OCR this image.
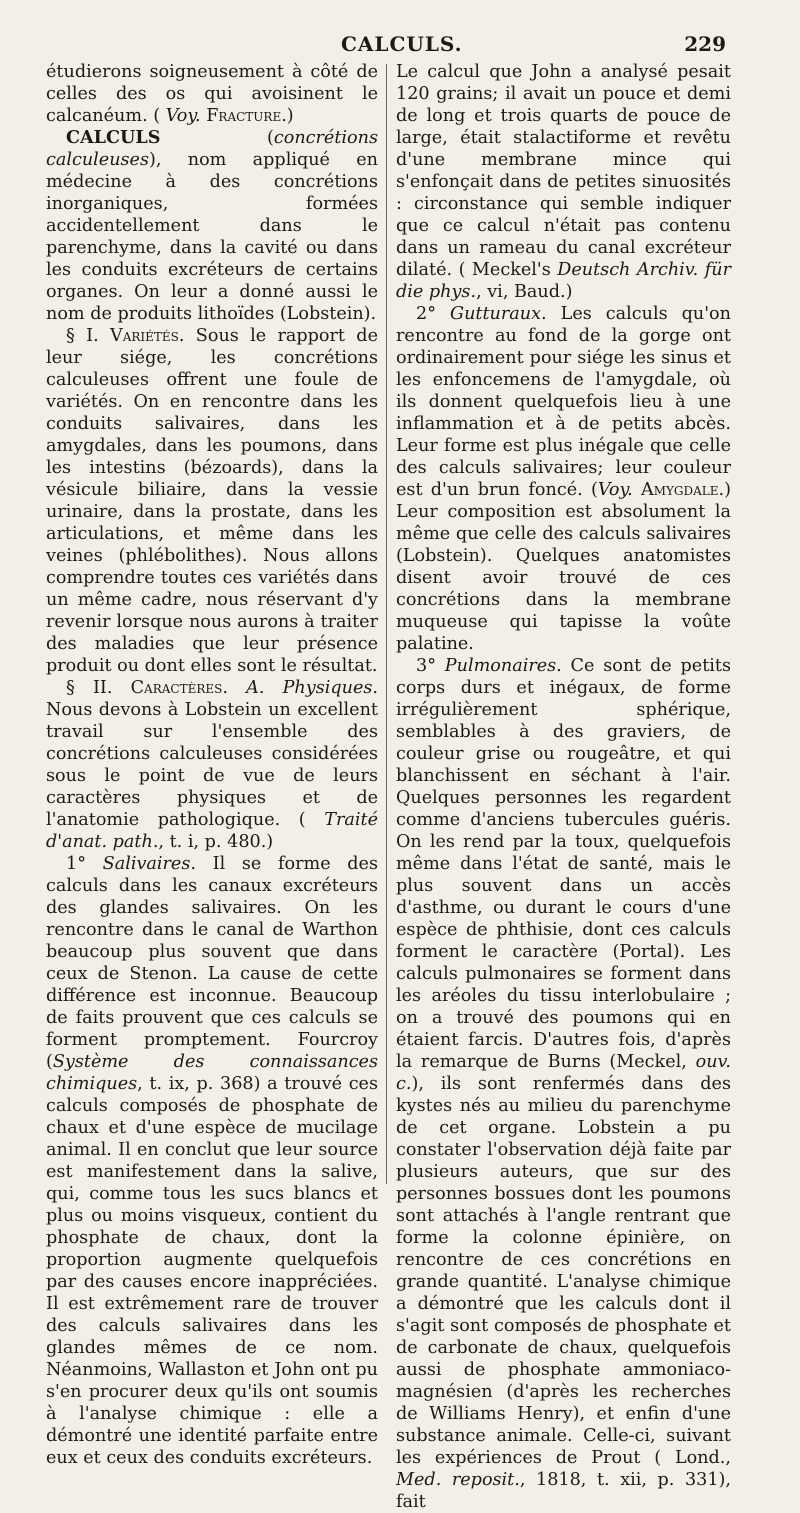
CALCULS.	229

étudierons soigneusement à côté de celles des os qui avoisinent le calcanéum. ( Voy. Fracture.)

CALCULS (concrétions calculeuses), nom appliqué en médecine à des concrétions inorganiques, formées accidentellement dans le parenchyme, dans la cavité ou dans les conduits excréteurs de certains organes. On leur a donné aussi le nom de produits lithoïdes (Lobstein).

§ I. Variétés. Sous le rapport de leur siége, les concrétions calculeuses offrent une foule de variétés. On en rencontre dans les conduits salivaires, dans les amygdales, dans les poumons, dans les intestins (bézoards), dans la vésicule biliaire, dans la vessie urinaire, dans la prostate, dans les articulations, et même dans les veines (phlébolithes). Nous allons comprendre toutes ces variétés dans un même cadre, nous réservant d'y revenir lorsque nous aurons à traiter des maladies que leur présence produit ou dont elles sont le résultat.

§ II. Caractères. A. Physiques. Nous devons à Lobstein un excellent travail sur l'ensemble des concrétions calculeuses considérées sous le point de vue de leurs caractères physiques et de l'anatomie pathologique. ( Traité d'anat. path., t. i, p. 480.)

1° Salivaires. Il se forme des calculs dans les canaux excréteurs des glandes salivaires. On les rencontre dans le canal de Warthon beaucoup plus souvent que dans ceux de Stenon. La cause de cette différence est inconnue. Beaucoup de faits prouvent que ces calculs se forment promptement. Fourcroy (Système des connaissances chimiques, t. ix, p. 368) a trouvé ces calculs composés de phosphate de chaux et d'une espèce de mucilage animal. Il en conclut que leur source est manifestement dans la salive, qui, comme tous les sucs blancs et plus ou moins visqueux, contient du phosphate de chaux, dont la proportion augmente quelquefois par des causes encore inappréciées. Il est extrêmement rare de trouver des calculs salivaires dans les glandes mêmes de ce nom. Néanmoins, Wallaston et John ont pu s'en procurer deux qu'ils ont soumis à l'analyse chimique : elle a démontré une identité parfaite entre eux et ceux des conduits excréteurs.

Le calcul que John a analysé pesait 120 grains; il avait un pouce et demi de long et trois quarts de pouce de large, était stalactiforme et revêtu d'une membrane mince qui s'enfonçait dans de petites sinuosités : circonstance qui semble indiquer que ce calcul n'était pas contenu dans un rameau du canal excréteur dilaté. ( Meckel's Deutsch Archiv. für die phys., vi, Baud.)

2° Gutturaux. Les calculs qu'on rencontre au fond de la gorge ont ordinairement pour siége les sinus et les enfoncemens de l'amygdale, où ils donnent quelquefois lieu à une inflammation et à de petits abcès. Leur forme est plus inégale que celle des calculs salivaires; leur couleur est d'un brun foncé. (Voy. Amygdale.) Leur composition est absolument la même que celle des calculs salivaires (Lobstein). Quelques anatomistes disent avoir trouvé de ces concrétions dans la membrane muqueuse qui tapisse la voûte palatine.

3° Pulmonaires. Ce sont de petits corps durs et inégaux, de forme irrégulièrement sphérique, semblables à des graviers, de couleur grise ou rougeâtre, et qui blanchissent en séchant à l'air. Quelques personnes les regardent comme d'anciens tubercules guéris. On les rend par la toux, quelquefois même dans l'état de santé, mais le plus souvent dans un accès d'asthme, ou durant le cours d'une espèce de phthisie, dont ces calculs forment le caractère (Portal). Les calculs pulmonaires se forment dans les aréoles du tissu interlobulaire ; on a trouvé des poumons qui en étaient farcis. D'autres fois, d'après la remarque de Burns (Meckel, ouv. c.), ils sont renfermés dans des kystes nés au milieu du parenchyme de cet organe. Lobstein a pu constater l'observation déjà faite par plusieurs auteurs, que sur des personnes bossues dont les poumons sont attachés à l'angle rentrant que forme la colonne épinière, on rencontre de ces concrétions en grande quantité. L'analyse chimique a démontré que les calculs dont il s'agit sont composés de phosphate et de carbonate de chaux, quelquefois aussi de phosphate ammoniaco-magnésien (d'après les recherches de Williams Henry), et enfin d'une substance animale. Celle-ci, suivant les expériences de Prout ( Lond., Med. reposit., 1818, t. xii, p. 331), fait
